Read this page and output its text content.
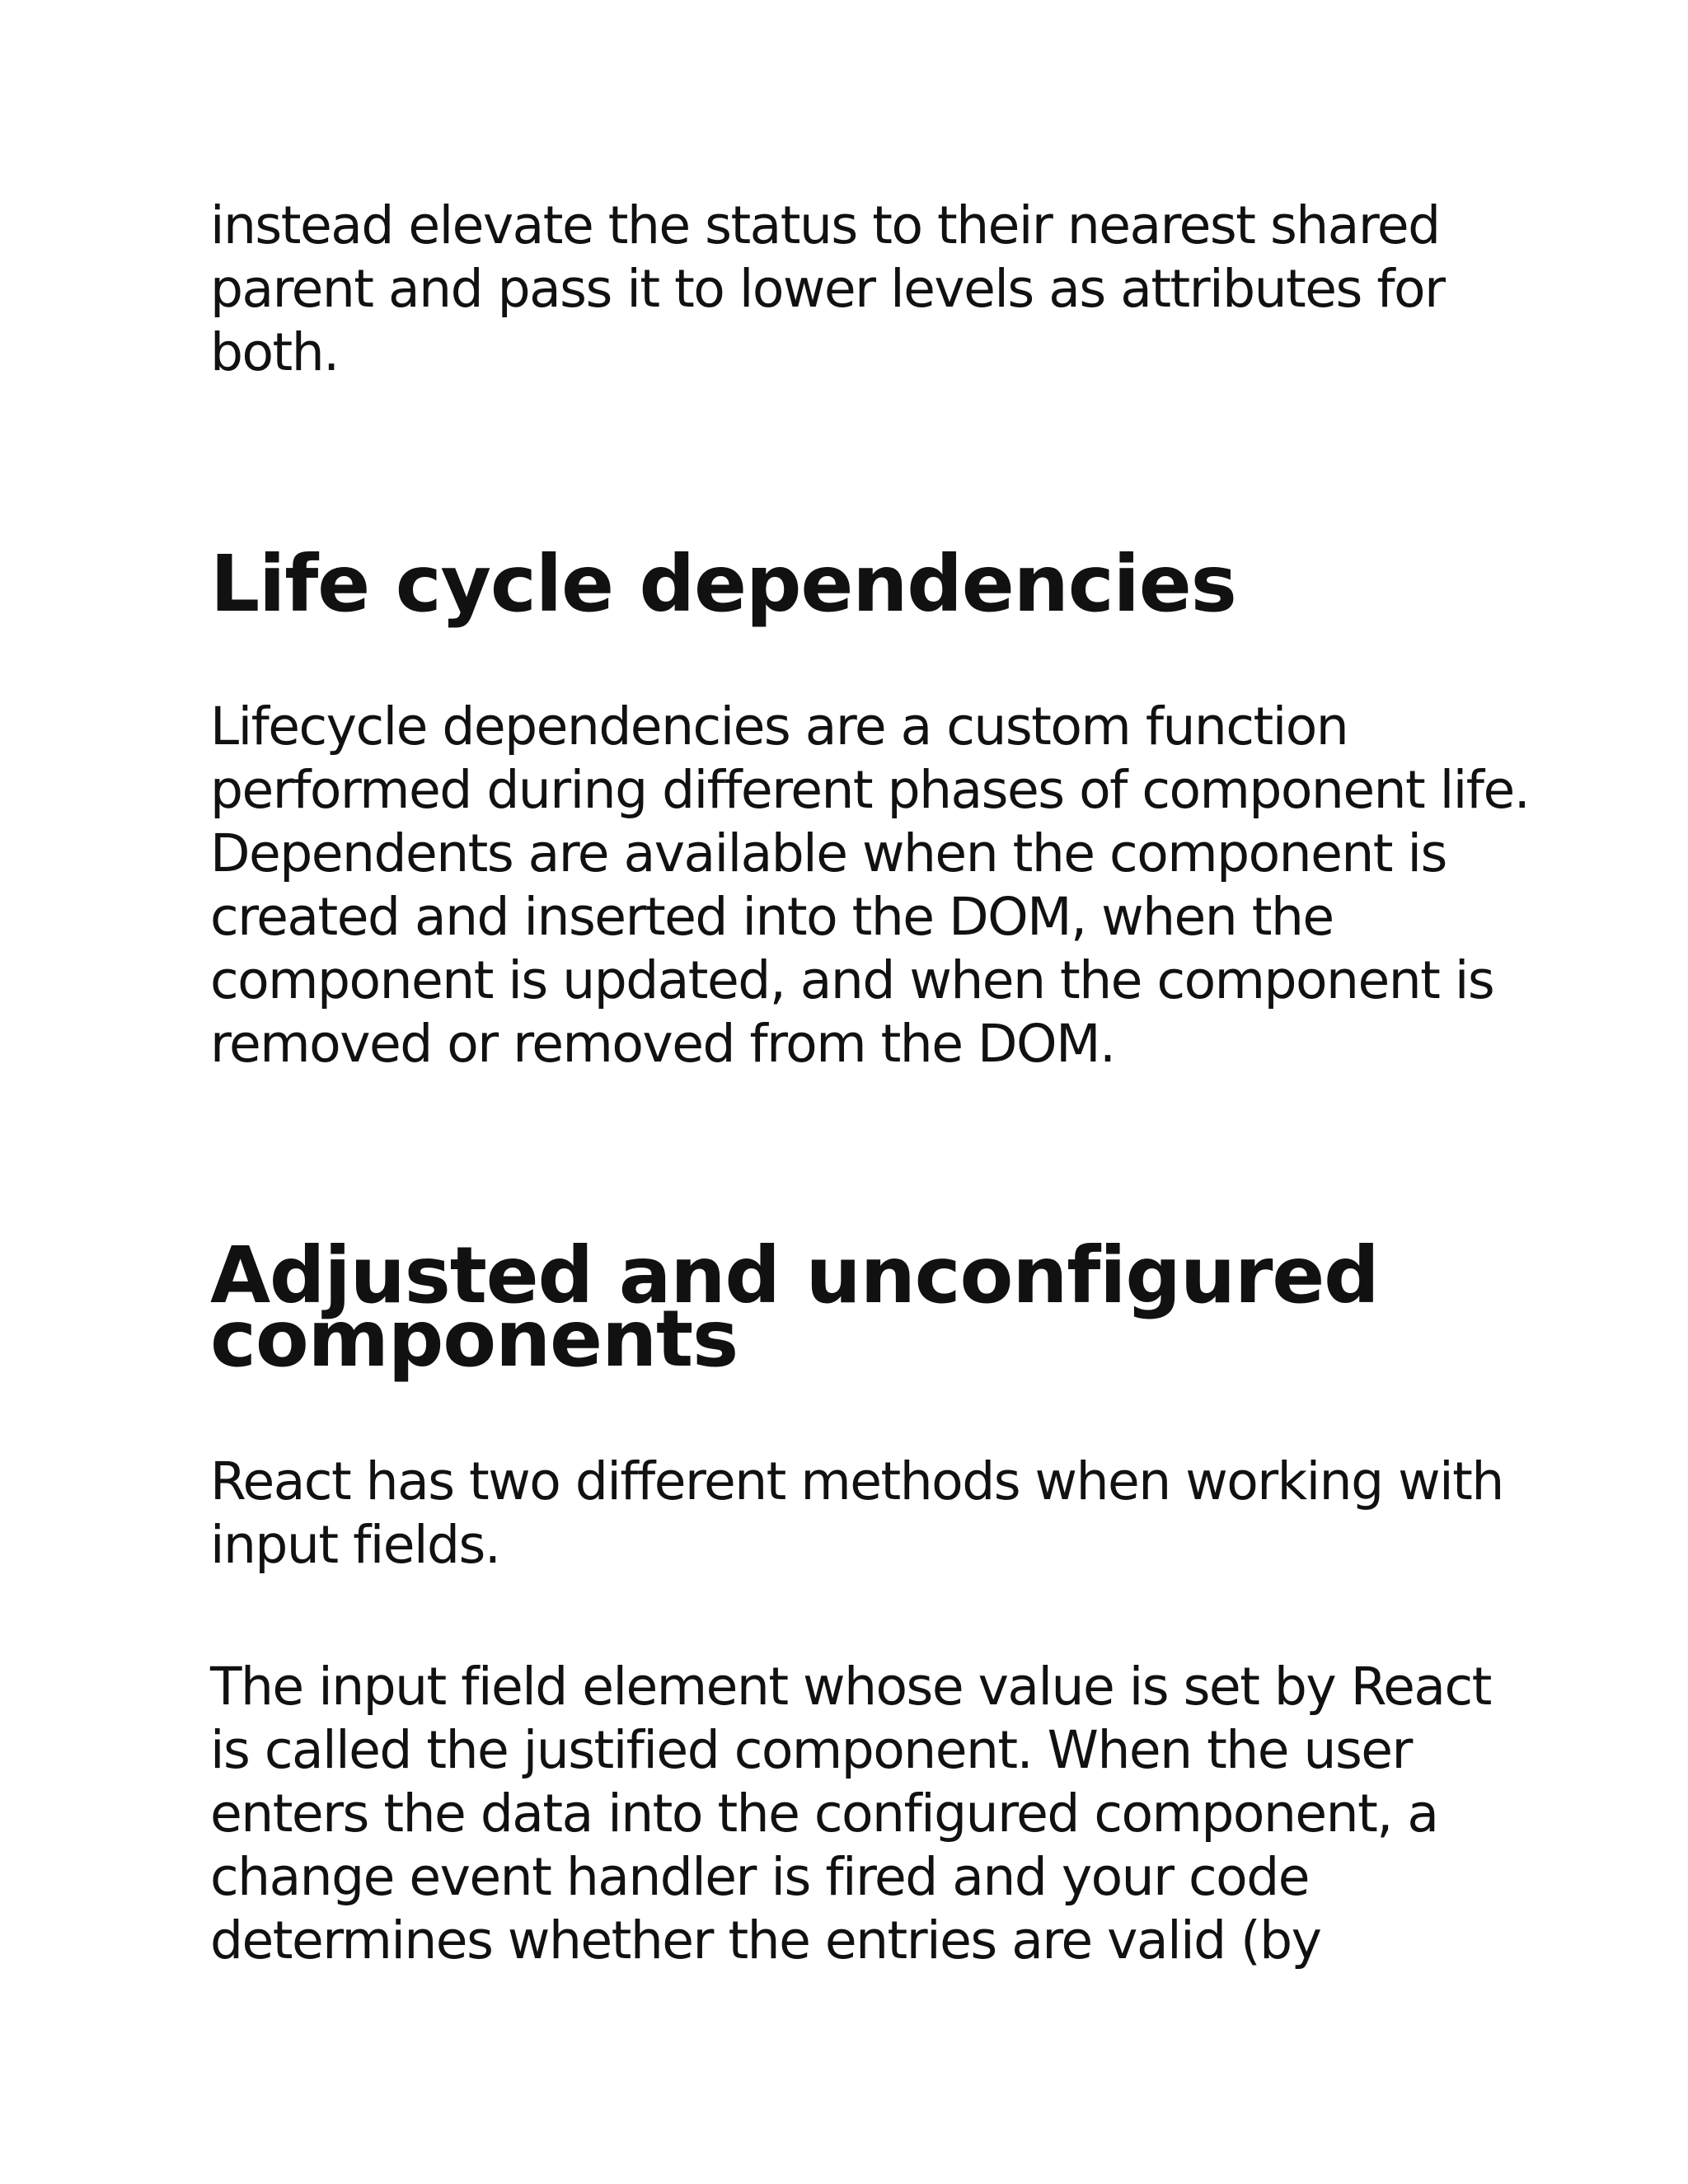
instead elevate the status to their nearest shared
parent and pass it to lower levels as attributes for
both.

Life cycle dependencies

Lifecycle dependencies are a custom function
performed during different phases of component life.
Dependents are available when the component is
created and inserted into the DOM, when the
component is updated, and when the component is
removed or removed from the DOM.

Adjusted and unconfigured components

React has two different methods when working with
input fields.

The input field element whose value is set by React
is called the justified component. When the user
enters the data into the configured component, a
change event handler is fired and your code
determines whether the entries are valid (by
